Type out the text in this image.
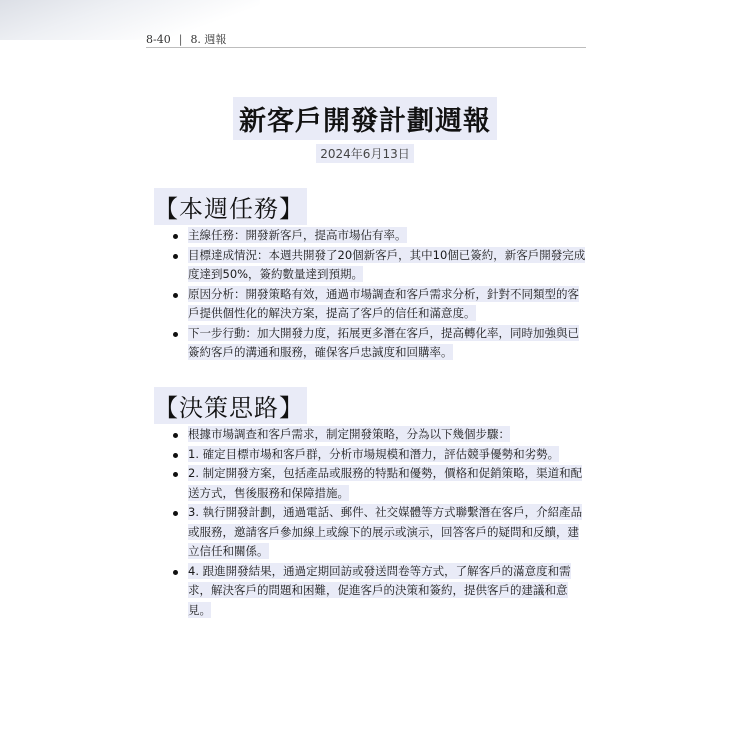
8-40 | 8. 週報
新客戶開發計劃週報
2024年6月13日
【本週任務】
主線任務：開發新客戶，提高市場佔有率。
目標達成情況：本週共開發了20個新客戶，其中10個已簽約，新客戶開發完成度達到50%，簽約數量達到預期。
原因分析：開發策略有效，通過市場調查和客戶需求分析，針對不同類型的客戶提供個性化的解決方案，提高了客戶的信任和滿意度。
下一步行動：加大開發力度，拓展更多潛在客戶，提高轉化率，同時加強與已簽約客戶的溝通和服務，確保客戶忠誠度和回購率。
【決策思路】
根據市場調查和客戶需求，制定開發策略，分為以下幾個步驟：
1. 確定目標市場和客戶群，分析市場規模和潛力，評估競爭優勢和劣勢。
2. 制定開發方案，包括產品或服務的特點和優勢，價格和促銷策略，渠道和配送方式，售後服務和保障措施。
3. 執行開發計劃，通過電話、郵件、社交媒體等方式聯繫潛在客戶，介紹產品或服務，邀請客戶參加線上或線下的展示或演示，回答客戶的疑問和反饋，建立信任和關係。
4. 跟進開發結果，通過定期回訪或發送問卷等方式，了解客戶的滿意度和需求，解決客戶的問題和困難，促進客戶的決策和簽約，提供客戶的建議和意見。
